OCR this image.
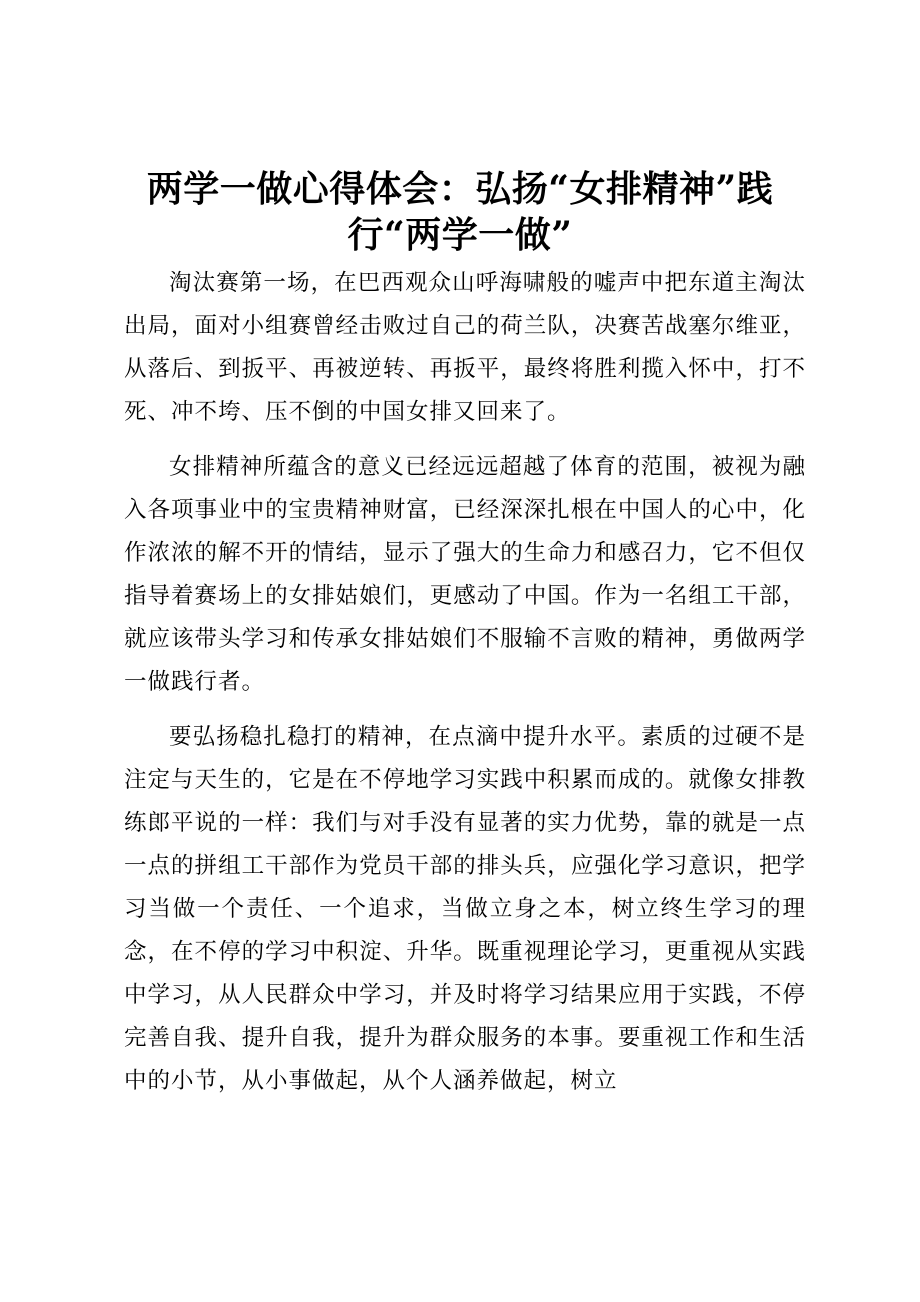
两学一做心得体会：弘扬“女排精神”践行“两学一做”

淘汰赛第一场，在巴西观众山呼海啸般的嘘声中把东道主淘汰出局，面对小组赛曾经击败过自己的荷兰队，决赛苦战塞尔维亚，从落后、到扳平、再被逆转、再扳平，最终将胜利揽入怀中，打不死、冲不垮、压不倒的中国女排又回来了。

女排精神所蕴含的意义已经远远超越了体育的范围，被视为融入各项事业中的宝贵精神财富，已经深深扎根在中国人的心中，化作浓浓的解不开的情结，显示了强大的生命力和感召力，它不但仅指导着赛场上的女排姑娘们，更感动了中国。作为一名组工干部，就应该带头学习和传承女排姑娘们不服输不言败的精神，勇做两学一做践行者。

要弘扬稳扎稳打的精神，在点滴中提升水平。素质的过硬不是注定与天生的，它是在不停地学习实践中积累而成的。就像女排教练郎平说的一样：我们与对手没有显著的实力优势，靠的就是一点一点的拼组工干部作为党员干部的排头兵，应强化学习意识，把学习当做一个责任、一个追求，当做立身之本，树立终生学习的理念，在不停的学习中积淀、升华。既重视理论学习，更重视从实践中学习，从人民群众中学习，并及时将学习结果应用于实践，不停完善自我、提升自我，提升为群众服务的本事。要重视工作和生活中的小节，从小事做起，从个人涵养做起，树立
